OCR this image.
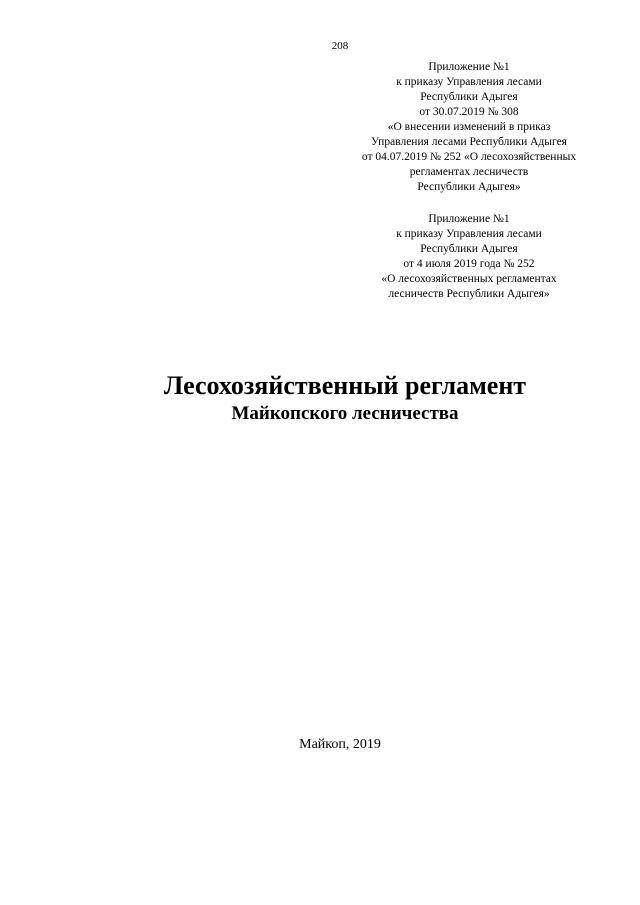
208
Приложение №1
к приказу Управления лесами
Республики Адыгея
от 30.07.2019 № 308
«О внесении изменений в приказ
Управления лесами Республики Адыгея
от 04.07.2019 № 252 «О лесохозяйственных
регламентах лесничеств
Республики Адыгея»
Приложение №1
к приказу Управления лесами
Республики Адыгея
от 4 июля 2019 года № 252
«О лесохозяйственных регламентах
лесничеств Республики Адыгея»
Лесохозяйственный регламент
Майкопского лесничества
Майкоп, 2019
